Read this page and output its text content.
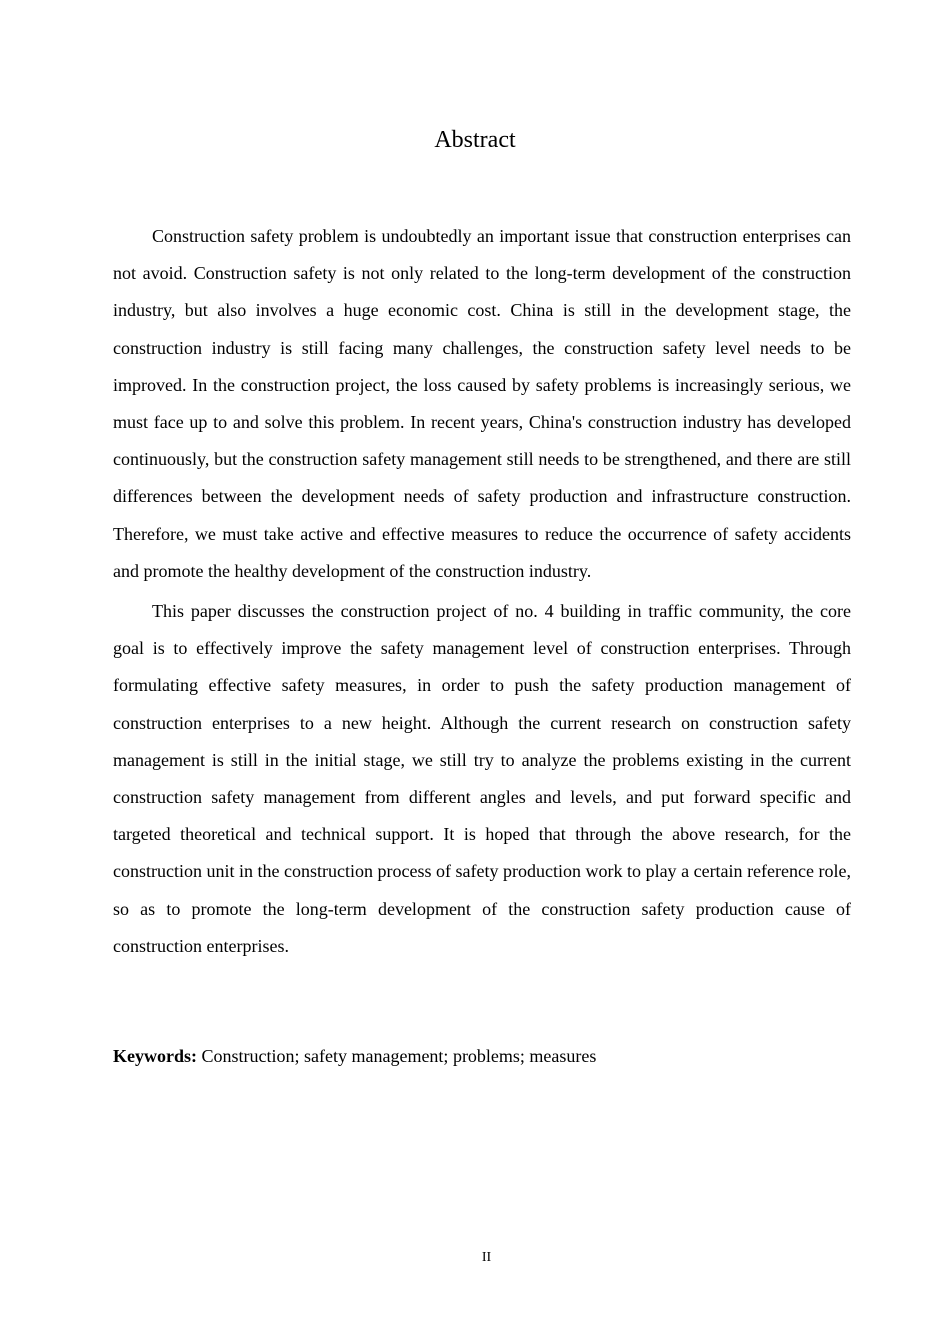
Abstract

Construction safety problem is undoubtedly an important issue that construction enterprises can not avoid. Construction safety is not only related to the long-term development of the construction industry, but also involves a huge economic cost. China is still in the development stage, the construction industry is still facing many challenges, the construction safety level needs to be improved. In the construction project, the loss caused by safety problems is increasingly serious, we must face up to and solve this problem. In recent years, China's construction industry has developed continuously, but the construction safety management still needs to be strengthened, and there are still differences between the development needs of safety production and infrastructure construction. Therefore, we must take active and effective measures to reduce the occurrence of safety accidents and promote the healthy development of the construction industry.

This paper discusses the construction project of no. 4 building in traffic community, the core goal is to effectively improve the safety management level of construction enterprises. Through formulating effective safety measures, in order to push the safety production management of construction enterprises to a new height. Although the current research on construction safety management is still in the initial stage, we still try to analyze the problems existing in the current construction safety management from different angles and levels, and put forward specific and targeted theoretical and technical support. It is hoped that through the above research, for the construction unit in the construction process of safety production work to play a certain reference role, so as to promote the long-term development of the construction safety production cause of construction enterprises.

Keywords: Construction; safety management; problems; measures

II
